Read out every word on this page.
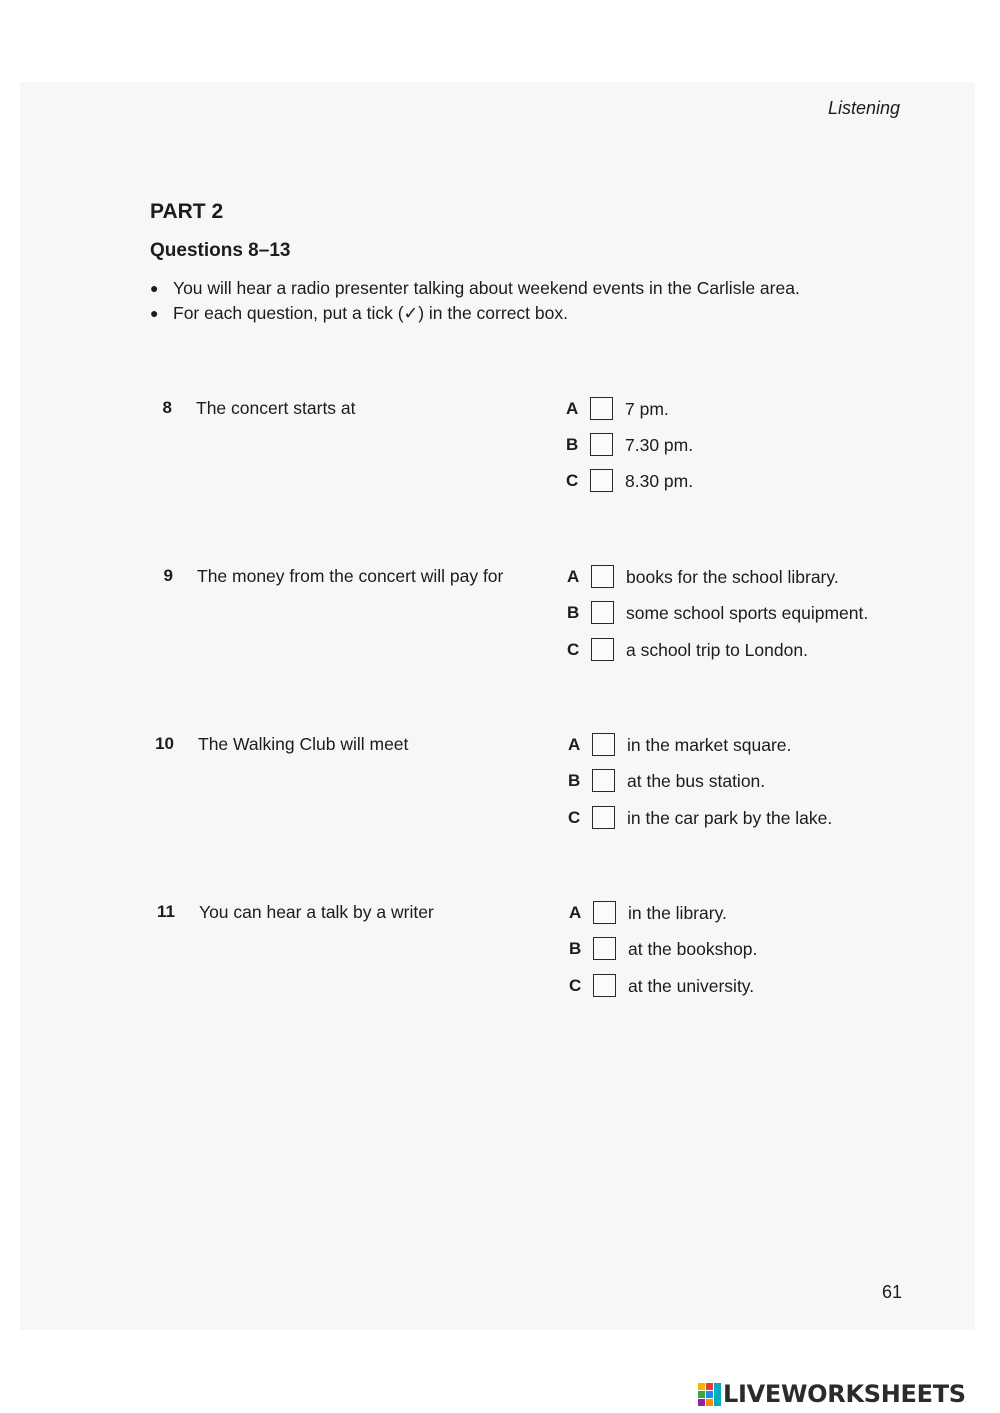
Listening
PART 2
Questions 8–13
● You will hear a radio presenter talking about weekend events in the Carlisle area.
● For each question, put a tick (✓) in the correct box.
8 The concert starts at	A	7 pm.
B	7.30 pm.
C	8.30 pm.
9 The money from the concert will pay for	A	books for the school library.
B	some school sports equipment.
C	a school trip to London.
10 The Walking Club will meet	A	in the market square.
B	at the bus station.
C	in the car park by the lake.
11 You can hear a talk by a writer	A	in the library.
B	at the bookshop.
C	at the university.
61
LIVEWORKSHEETS
